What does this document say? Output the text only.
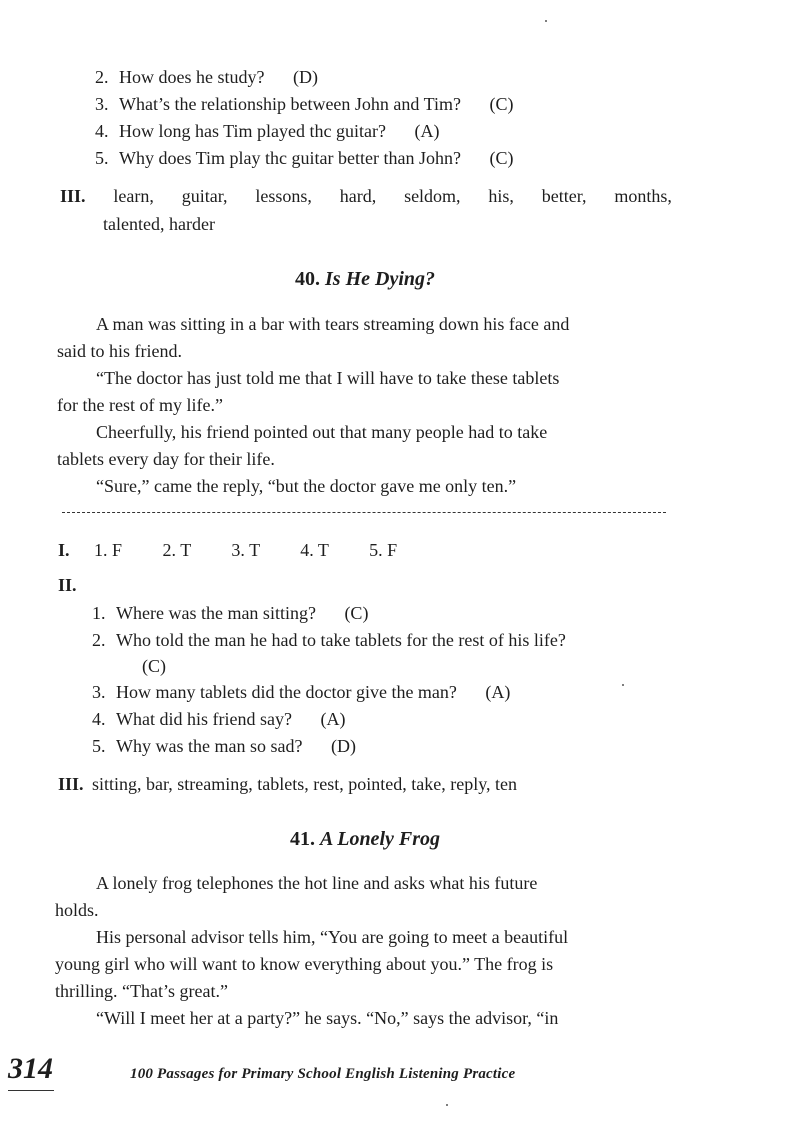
2. How does he study? (D)
3. What’s the relationship between John and Tim? (C)
4. How long has Tim played thc guitar? (A)
5. Why does Tim play thc guitar better than John? (C)
III. learn, guitar, lessons, hard, seldom, his, better, months,
talented, harder
40. Is He Dying?
A man was sitting in a bar with tears streaming down his face and
said to his friend.
“The doctor has just told me that I will have to take these tablets
for the rest of my life.”
Cheerfully, his friend pointed out that many people had to take
tablets every day for their life.
“Sure,” came the reply, “but the doctor gave me only ten.”
I. 1. F 2. T 3. T 4. T 5. F
II.
1. Where was the man sitting? (C)
2. Who told the man he had to take tablets for the rest of his life?
(C)
3. How many tablets did the doctor give the man? (A)
4. What did his friend say? (A)
5. Why was the man so sad? (D)
III. sitting, bar, streaming, tablets, rest, pointed, take, reply, ten
41. A Lonely Frog
A lonely frog telephones the hot line and asks what his future
holds.
His personal advisor tells him, “You are going to meet a beautiful
young girl who will want to know everything about you.” The frog is
thrilling. “That’s great.”
“Will I meet her at a party?” he says. “No,” says the advisor, “in
314	100 Passages for Primary School English Listening Practice
